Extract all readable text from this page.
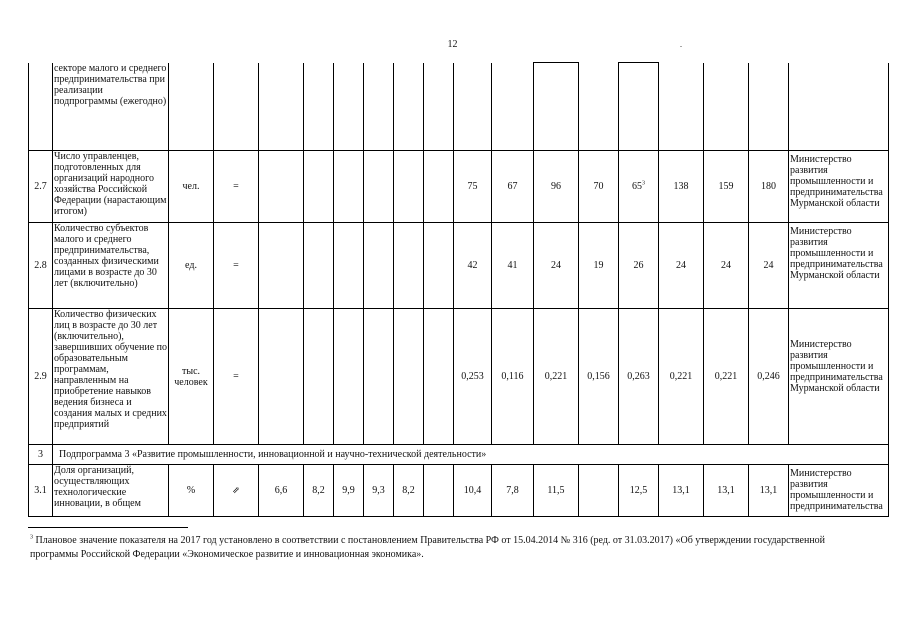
12	.
	секторе малого и среднего предпринимательства при реализации подпрограммы (ежегодно)																	
2.7	Число управленцев, подготовленных для организаций народного хозяйства Российской Федерации (нарастающим итогом)	чел.	=							75	67	96	70	$65^3$	138	159	180	Министерство развития промышленности и предпринимательства Мурманской области
2.8	Количество субъектов малого и среднего предпринимательства, созданных физическими лицами в возрасте до 30 лет (включительно)	ед.	=							42	41	24	19	26	24	24	24	Министерство развития промышленности и предпринимательства Мурманской области
2.9	Количество физических лиц в возрасте до 30 лет (включительно), завершивших обучение по образовательным программам, направленным на приобретение навыков ведения бизнеса и создания малых и средних предприятий	тыс. человек	=							0,253	0,116	0,221	0,156	0,263	0,221	0,221	0,246	Министерство развития промышленности и предпринимательства Мурманской области
3	Подпрограмма 3 «Развитие промышленности, инновационной и научно-технической деятельности»																	
3.1	Доля организаций, осуществляющих технологические инновации, в общем	%	⇗	6,6	8,2	9,9	9,3	8,2		10,4	7,8	11,5		12,5	13,1	13,1	13,1	Министерство развития промышленности и предпринимательства
$^3$ Плановое значение показателя на 2017 год установлено в соответствии с постановлением Правительства РФ от 15.04.2014 № 316 (ред. от 31.03.2017) «Об утверждении государственной программы Российской Федерации «Экономическое развитие и инновационная экономика».
